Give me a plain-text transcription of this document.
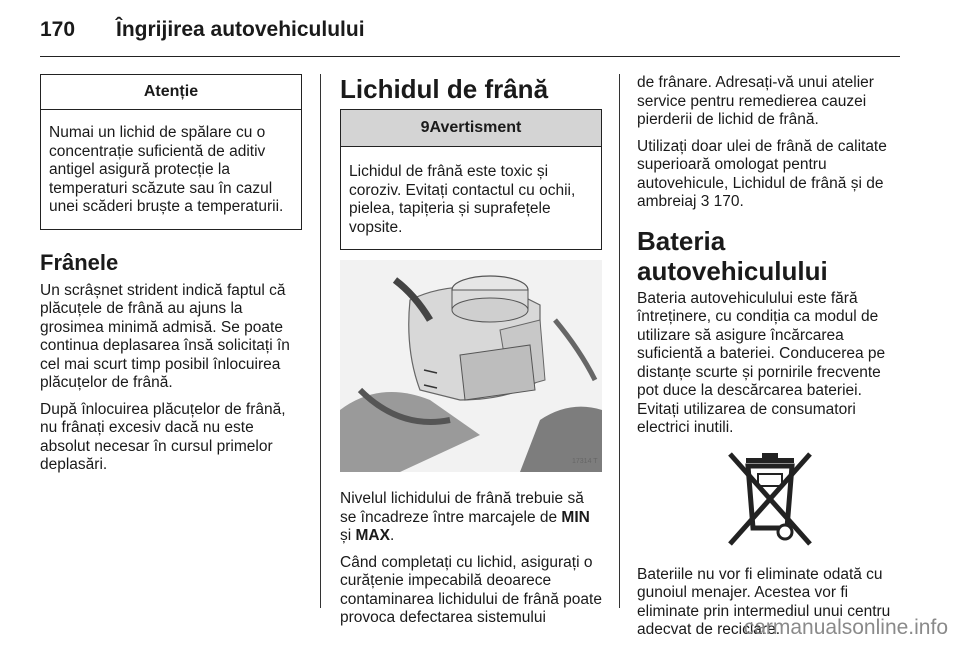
170 Îngrijirea autovehiculului
Atenție
Numai un lichid de spălare cu o concentrație suficientă de aditiv antigel asigură protecție la temperaturi scăzute sau în cazul unei scăderi bruște a temperaturii.
Frânele

Un scrâșnet strident indică faptul că plăcuțele de frână au ajuns la grosimea minimă admisă. Se poate continua deplasarea însă solicitați în cel mai scurt timp posibil înlocuirea plăcuțelor de frână.

După înlocuirea plăcuțelor de frână, nu frânați excesiv dacă nu este absolut necesar în cursul primelor deplasări.

Lichidul de frână
9Avertisment
Lichidul de frână este toxic și coroziv. Evitați contactul cu ochii, pielea, tapițeria și suprafețele vopsite.
17314 T

Nivelul lichidului de frână trebuie să se încadreze între marcajele de MIN și MAX.

Când completați cu lichid, asigurați o curățenie impecabilă deoarece contaminarea lichidului de frână poate provoca defectarea sistemului

de frânare. Adresați-vă unui atelier service pentru remedierea cauzei pierderii de lichid de frână.

Utilizați doar ulei de frână de calitate superioară omologat pentru autovehicule, Lichidul de frână și de ambreiaj 3 170.

Bateria autovehiculului

Bateria autovehiculului este fără întreținere, cu condiția ca modul de utilizare să asigure încărcarea suficientă a bateriei. Conducerea pe distanțe scurte și pornirile frecvente pot duce la descărcarea bateriei. Evitați utilizarea de consumatori electrici inutili.

Bateriile nu vor fi eliminate odată cu gunoiul menajer. Acestea vor fi eliminate prin intermediul unui centru adecvat de reciclare.

carmanualsonline.info
